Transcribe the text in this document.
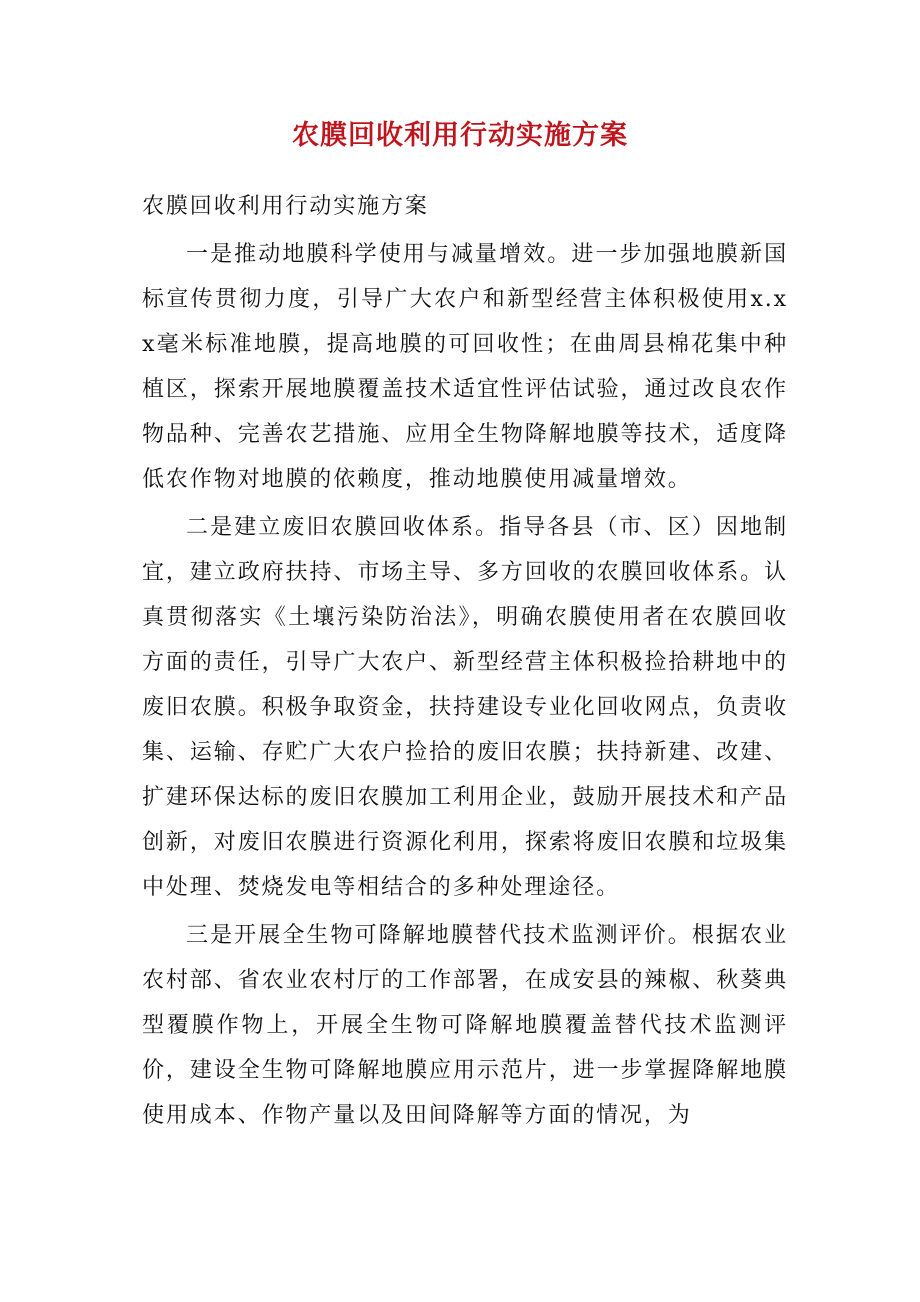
农膜回收利用行动实施方案

农膜回收利用行动实施方案

一是推动地膜科学使用与减量增效。进一步加强地膜新国标宣传贯彻力度，引导广大农户和新型经营主体积极使用x.xx毫米标准地膜，提高地膜的可回收性；在曲周县棉花集中种植区，探索开展地膜覆盖技术适宜性评估试验，通过改良农作物品种、完善农艺措施、应用全生物降解地膜等技术，适度降低农作物对地膜的依赖度，推动地膜使用减量增效。

二是建立废旧农膜回收体系。指导各县（市、区）因地制宜，建立政府扶持、市场主导、多方回收的农膜回收体系。认真贯彻落实《土壤污染防治法》，明确农膜使用者在农膜回收方面的责任，引导广大农户、新型经营主体积极捡拾耕地中的废旧农膜。积极争取资金，扶持建设专业化回收网点，负责收集、运输、存贮广大农户捡拾的废旧农膜；扶持新建、改建、扩建环保达标的废旧农膜加工利用企业，鼓励开展技术和产品创新，对废旧农膜进行资源化利用，探索将废旧农膜和垃圾集中处理、焚烧发电等相结合的多种处理途径。

三是开展全生物可降解地膜替代技术监测评价。根据农业农村部、省农业农村厅的工作部署，在成安县的辣椒、秋葵典型覆膜作物上，开展全生物可降解地膜覆盖替代技术监测评价，建设全生物可降解地膜应用示范片，进一步掌握降解地膜使用成本、作物产量以及田间降解等方面的情况，为
